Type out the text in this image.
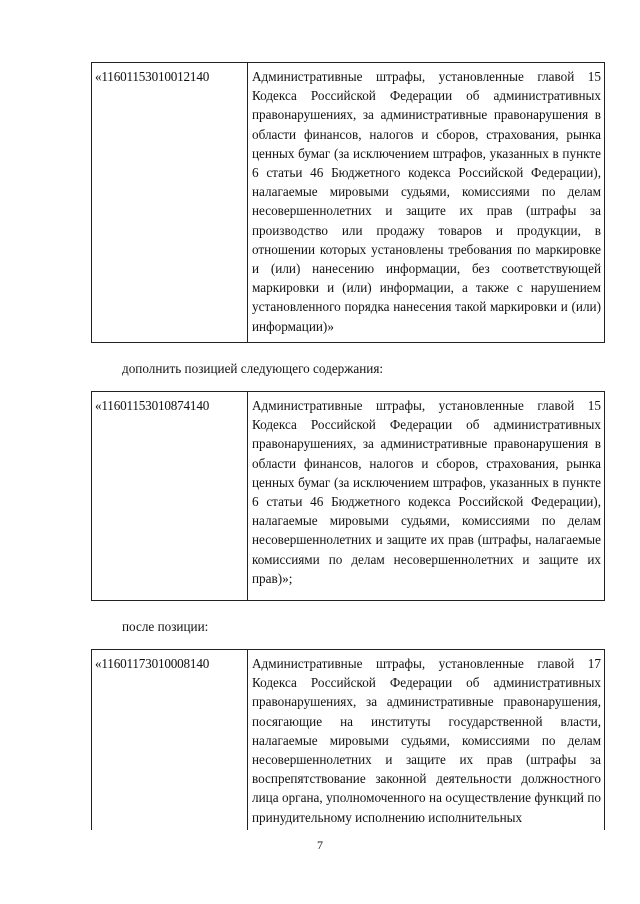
«11601153010012140	Административные штрафы, установленные главой 15 Кодекса Российской Федерации об административных правонарушениях, за административные правонарушения в области финансов, налогов и сборов, страхования, рынка ценных бумаг (за исключением штрафов, указанных в пункте 6 статьи 46 Бюджетного кодекса Российской Федерации), налагаемые мировыми судьями, комиссиями по делам несовершеннолетних и защите их прав (штрафы за производство или продажу товаров и продукции, в отношении которых установлены требования по маркировке и (или) нанесению информации, без соответствующей маркировки и (или) информации, а также с нарушением установленного порядка нанесения такой маркировки и (или) информации)»
дополнить позицией следующего содержания:
«11601153010874140	Административные штрафы, установленные главой 15 Кодекса Российской Федерации об административных правонарушениях, за административные правонарушения в области финансов, налогов и сборов, страхования, рынка ценных бумаг (за исключением штрафов, указанных в пункте 6 статьи 46 Бюджетного кодекса Российской Федерации), налагаемые мировыми судьями, комиссиями по делам несовершеннолетних и защите их прав (штрафы, налагаемые комиссиями по делам несовершеннолетних и защите их прав)»;
после позиции:
«11601173010008140	Административные штрафы, установленные главой 17 Кодекса Российской Федерации об административных правонарушениях, за административные правонарушения, посягающие на институты государственной власти, налагаемые мировыми судьями, комиссиями по делам несовершеннолетних и защите их прав (штрафы за воспрепятствование законной деятельности должностного лица органа, уполномоченного на осуществление функций по принудительному исполнению исполнительных
7
